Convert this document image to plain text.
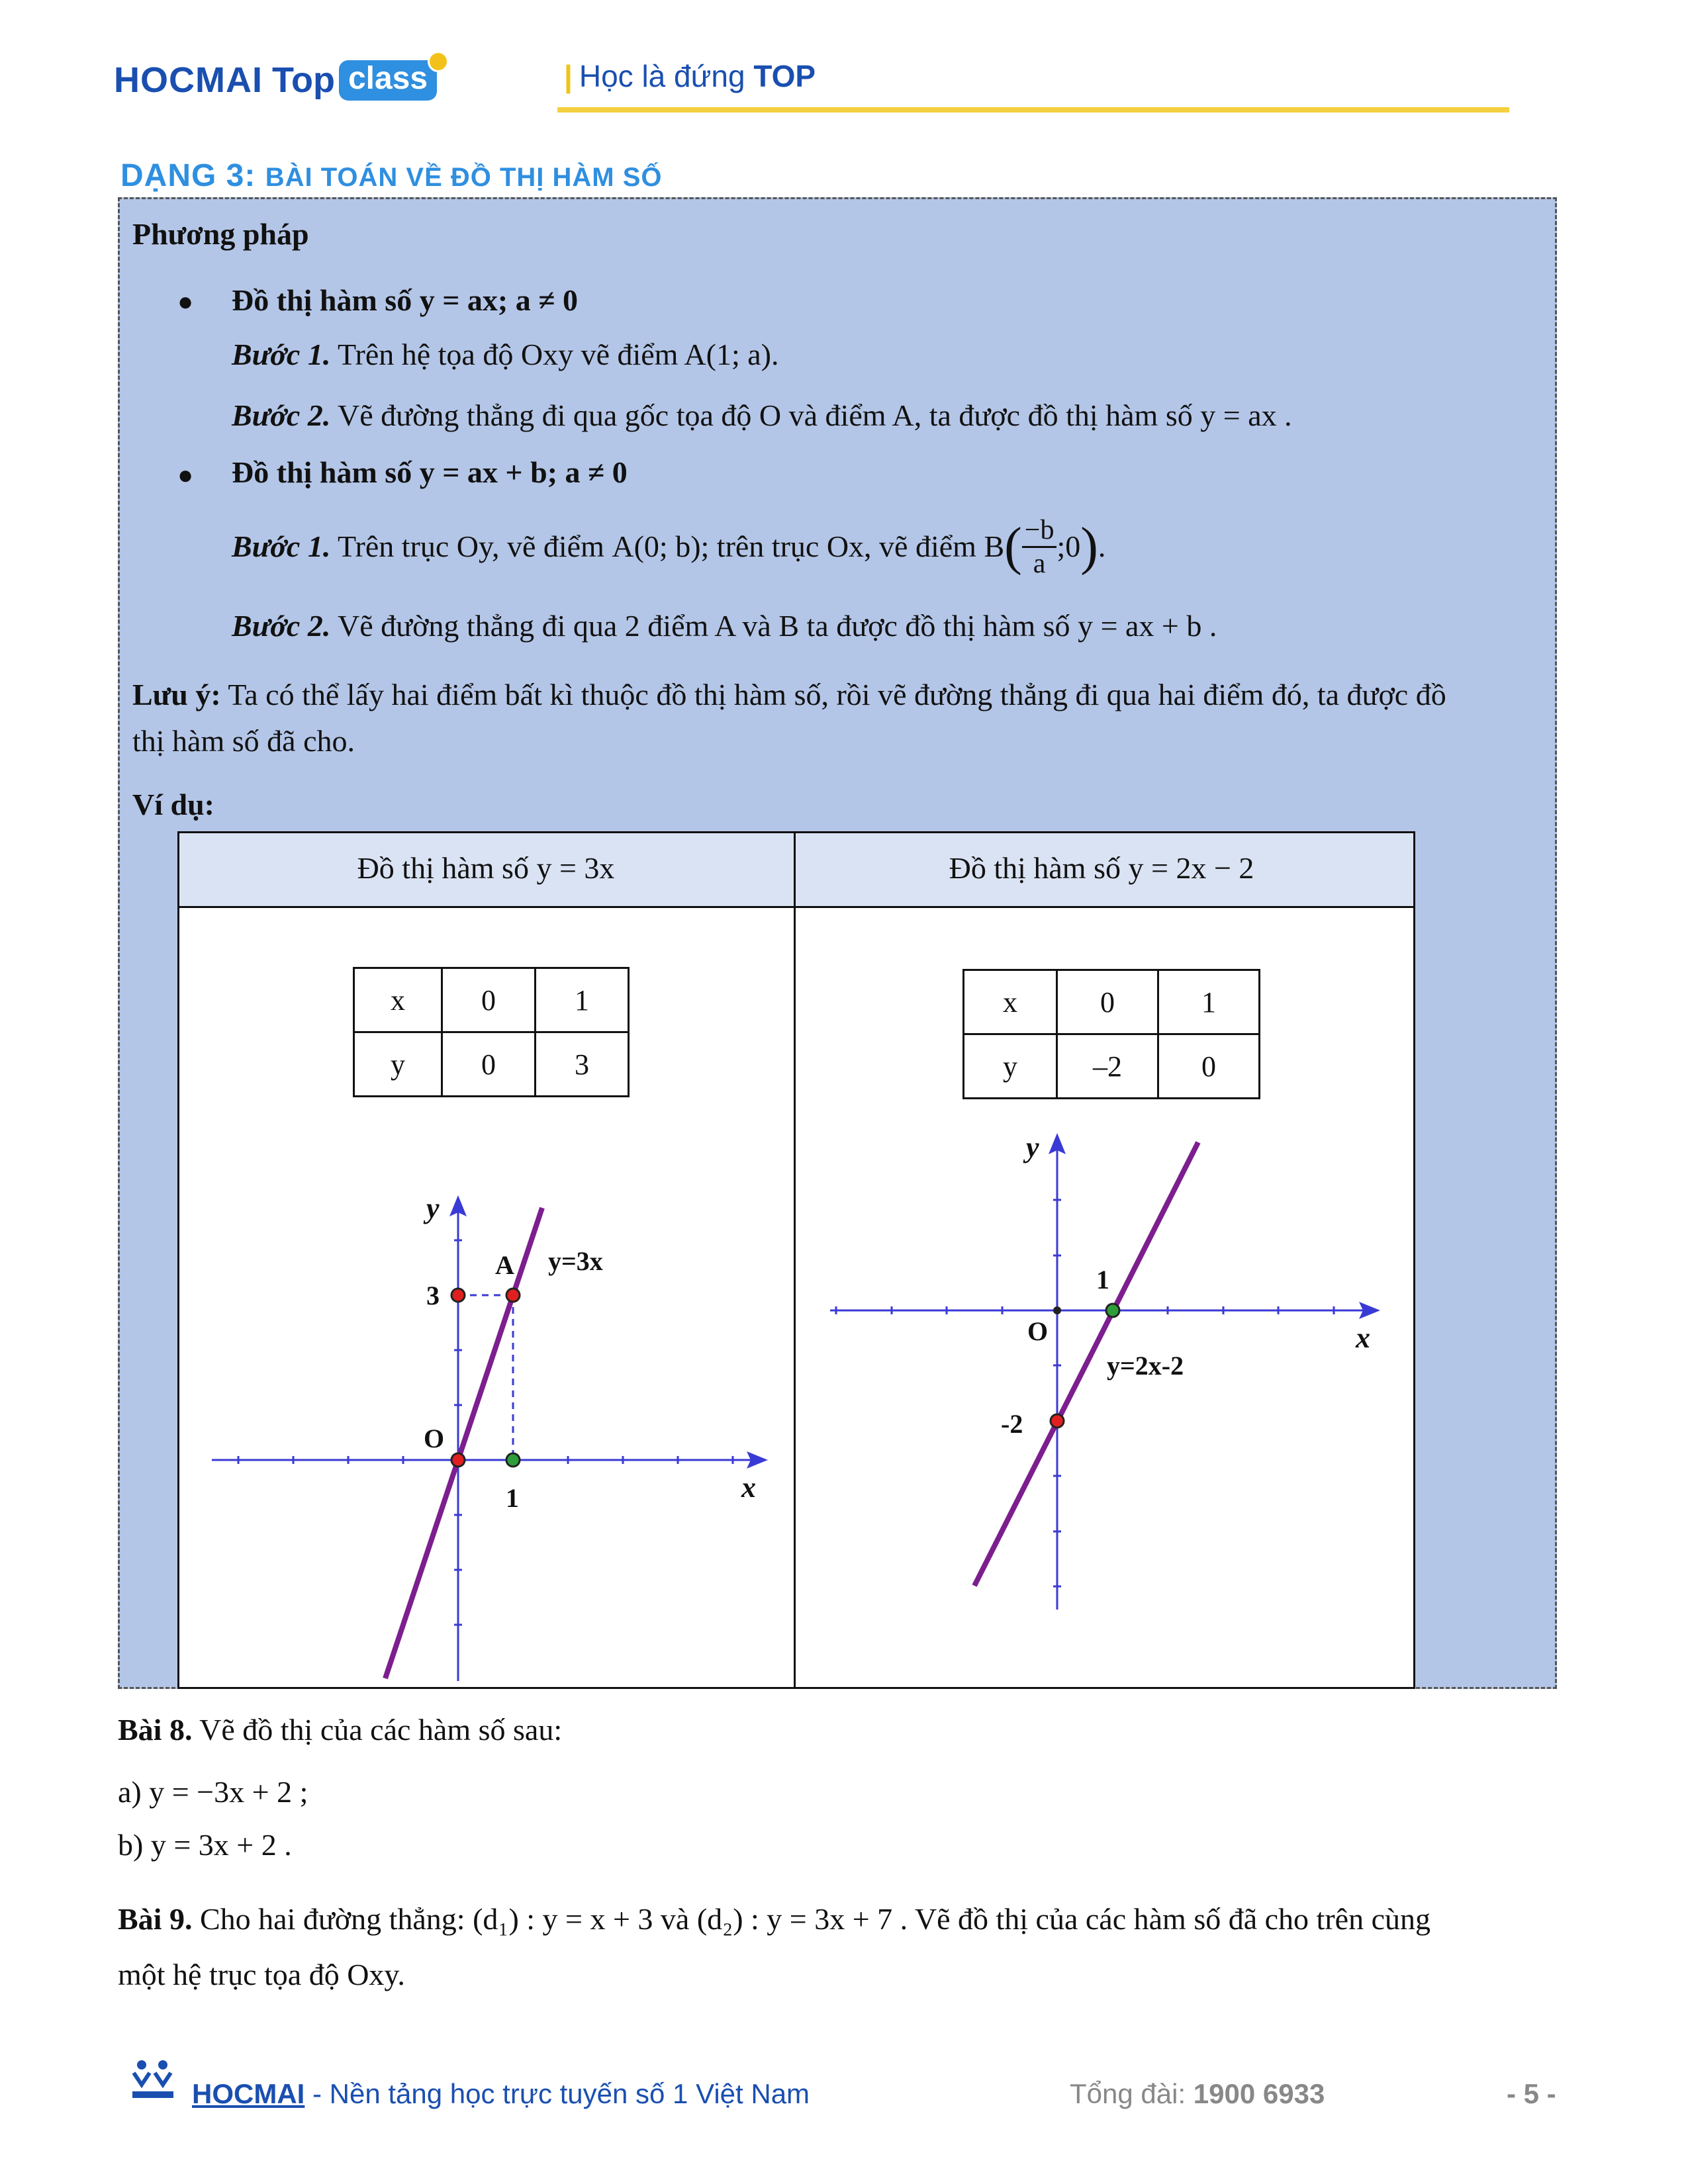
HOCMAI Top class	| Học là đứng TOP
DẠNG 3: BÀI TOÁN VỀ ĐỒ THỊ HÀM SỐ
Phương pháp
● Đồ thị hàm số y = ax; a ≠ 0
Bước 1. Trên hệ tọa độ Oxy vẽ điểm A(1; a).
Bước 2. Vẽ đường thẳng đi qua gốc tọa độ O và điểm A, ta được đồ thị hàm số y = ax .
● Đồ thị hàm số y = ax + b; a ≠ 0
Bước 1. Trên trục Oy, vẽ điểm A(0; b) ; trên trục Ox, vẽ điểm B ( $\frac{-b}{a}$ ;0 ) .
Bước 2. Vẽ đường thẳng đi qua 2 điểm A và B ta được đồ thị hàm số y = ax + b .
Lưu ý: Ta có thể lấy hai điểm bất kì thuộc đồ thị hàm số, rồi vẽ đường thẳng đi qua hai điểm đó, ta được đồ
thị hàm số đã cho.
Ví dụ:
Đồ thị hàm số y = 3x	Đồ thị hàm số y = 2x − 2
x	0	1
y	0	3
x	0	1
y	–2	0
y
x
O
A y=3x
3
1
y
x
O
1
-2
y=2x-2
Bài 8. Vẽ đồ thị của các hàm số sau:
a) y = −3x + 2 ;
b) y = 3x + 2 .
Bài 9. Cho hai đường thẳng: (d₁) : y = x + 3 và (d₂) : y = 3x + 7 . Vẽ đồ thị của các hàm số đã cho trên cùng
một hệ trục tọa độ Oxy.
HOCMAI - Nền tảng học trực tuyến số 1 Việt Nam	Tổng đài: 1900 6933	- 5 -
